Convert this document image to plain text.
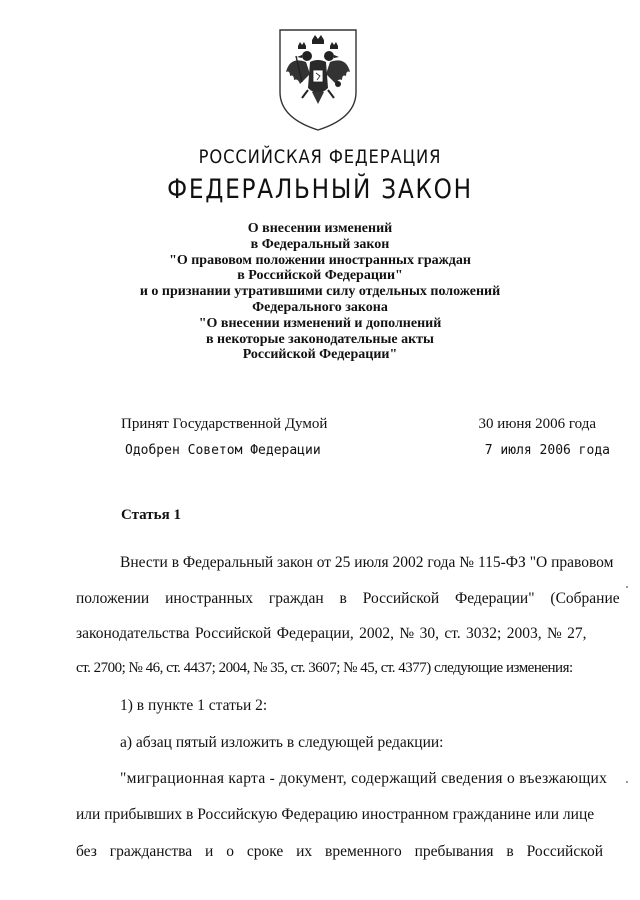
РОССИЙСКАЯ ФЕДЕРАЦИЯ
ФЕДЕРАЛЬНЫЙ ЗАКОН
О внесении изменений
в Федеральный закон
"О правовом положении иностранных граждан
в Российской Федерации"
и о признании утратившими силу отдельных положений
Федерального закона
"О внесении изменений и дополнений
в некоторые законодательные акты
Российской Федерации"
Принят Государственной Думой	30 июня 2006 года
Одобрен Советом Федерации	7 июля 2006 года
Статья 1
Внести в Федеральный закон от 25 июля 2002 года № 115-ФЗ "О правовом
положении иностранных граждан в Российской Федерации" (Собрание
законодательства Российской Федерации, 2002, № 30, ст. 3032; 2003, № 27,
ст. 2700; № 46, ст. 4437; 2004, № 35, ст. 3607; № 45, ст. 4377) следующие изменения:
1) в пункте 1 статьи 2:
а) абзац пятый изложить в следующей редакции:
"миграционная карта - документ, содержащий сведения о въезжающих
или прибывших в Российскую Федерацию иностранном гражданине или лице
без гражданства и о сроке их временного пребывания в Российской
